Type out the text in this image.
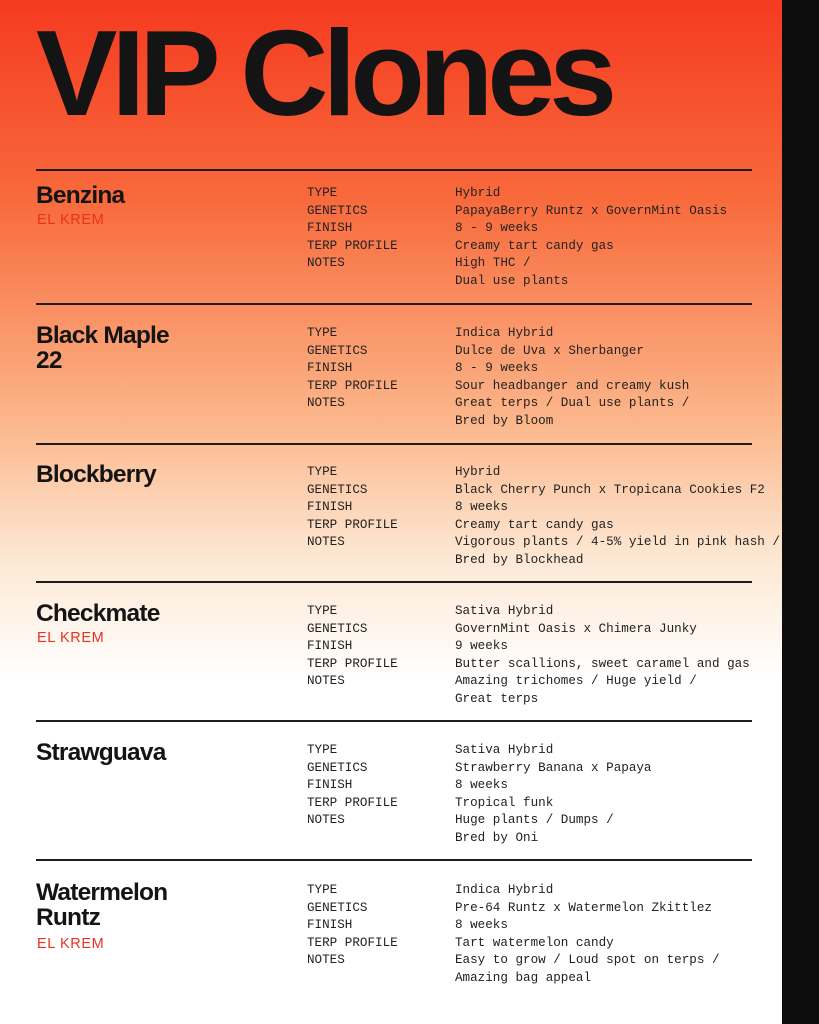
VIP Clones
Benzina
EL KREM
TYPE
GENETICS
FINISH
TERP PROFILE
NOTES
Hybrid
PapayaBerry Runtz x GovernMint Oasis
8 - 9 weeks
Creamy tart candy gas
High THC /
Dual use plants
Black Maple
22
TYPE
GENETICS
FINISH
TERP PROFILE
NOTES
Indica Hybrid
Dulce de Uva x Sherbanger
8 - 9 weeks
Sour headbanger and creamy kush
Great terps / Dual use plants /
Bred by Bloom
Blockberry	TYPE
GENETICS
FINISH
TERP PROFILE
NOTES
Hybrid
Black Cherry Punch x Tropicana Cookies F2
8 weeks
Creamy tart candy gas
Vigorous plants / 4-5% yield in pink hash /
Bred by Blockhead
Checkmate
EL KREM
TYPE
GENETICS
FINISH
TERP PROFILE
NOTES
Sativa Hybrid
GovernMint Oasis x Chimera Junky
9 weeks
Butter scallions, sweet caramel and gas
Amazing trichomes / Huge yield /
Great terps
Strawguava	TYPE
GENETICS
FINISH
TERP PROFILE
NOTES
Sativa Hybrid
Strawberry Banana x Papaya
8 weeks
Tropical funk
Huge plants / Dumps /
Bred by Oni
Watermelon
Runtz
EL KREM
TYPE
GENETICS
FINISH
TERP PROFILE
NOTES
Indica Hybrid
Pre-64 Runtz x Watermelon Zkittlez
8 weeks
Tart watermelon candy
Easy to grow / Loud spot on terps /
Amazing bag appeal
